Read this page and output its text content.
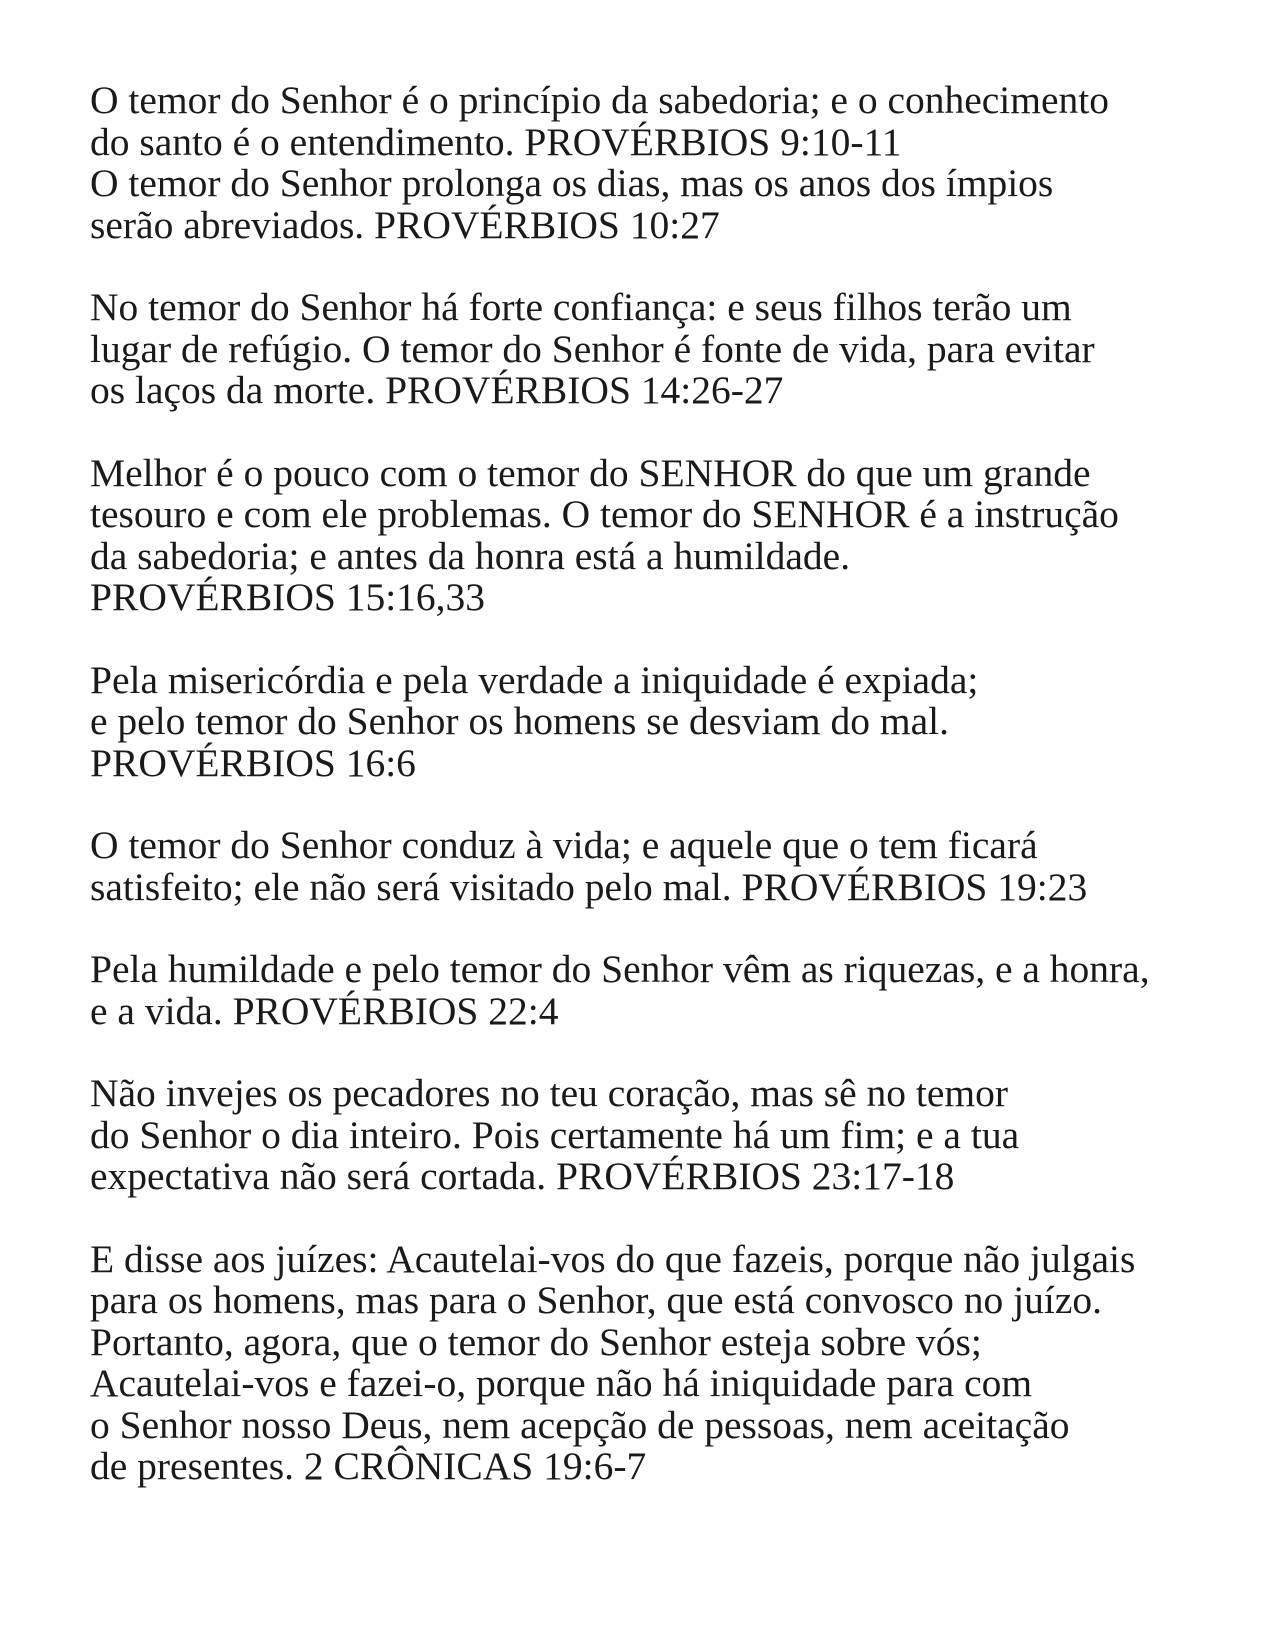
O temor do Senhor é o princípio da sabedoria; e o conhecimento
do santo é o entendimento. PROVÉRBIOS 9:10-11
O temor do Senhor prolonga os dias, mas os anos dos ímpios
serão abreviados. PROVÉRBIOS 10:27

No temor do Senhor há forte confiança: e seus filhos terão um
lugar de refúgio. O temor do Senhor é fonte de vida, para evitar
os laços da morte. PROVÉRBIOS 14:26-27

Melhor é o pouco com o temor do SENHOR do que um grande
tesouro e com ele problemas. O temor do SENHOR é a instrução
da sabedoria; e antes da honra está a humildade.
PROVÉRBIOS 15:16,33

Pela misericórdia e pela verdade a iniquidade é expiada;
e pelo temor do Senhor os homens se desviam do mal.
PROVÉRBIOS 16:6

O temor do Senhor conduz à vida; e aquele que o tem ficará
satisfeito; ele não será visitado pelo mal. PROVÉRBIOS 19:23

Pela humildade e pelo temor do Senhor vêm as riquezas, e a honra,
e a vida. PROVÉRBIOS 22:4

Não invejes os pecadores no teu coração, mas sê no temor
do Senhor o dia inteiro. Pois certamente há um fim; e a tua
expectativa não será cortada. PROVÉRBIOS 23:17-18

E disse aos juízes: Acautelai-vos do que fazeis, porque não julgais
para os homens, mas para o Senhor, que está convosco no juízo.
Portanto, agora, que o temor do Senhor esteja sobre vós;
Acautelai-vos e fazei-o, porque não há iniquidade para com
o Senhor nosso Deus, nem acepção de pessoas, nem aceitação
de presentes. 2 CRÔNICAS 19:6-7
